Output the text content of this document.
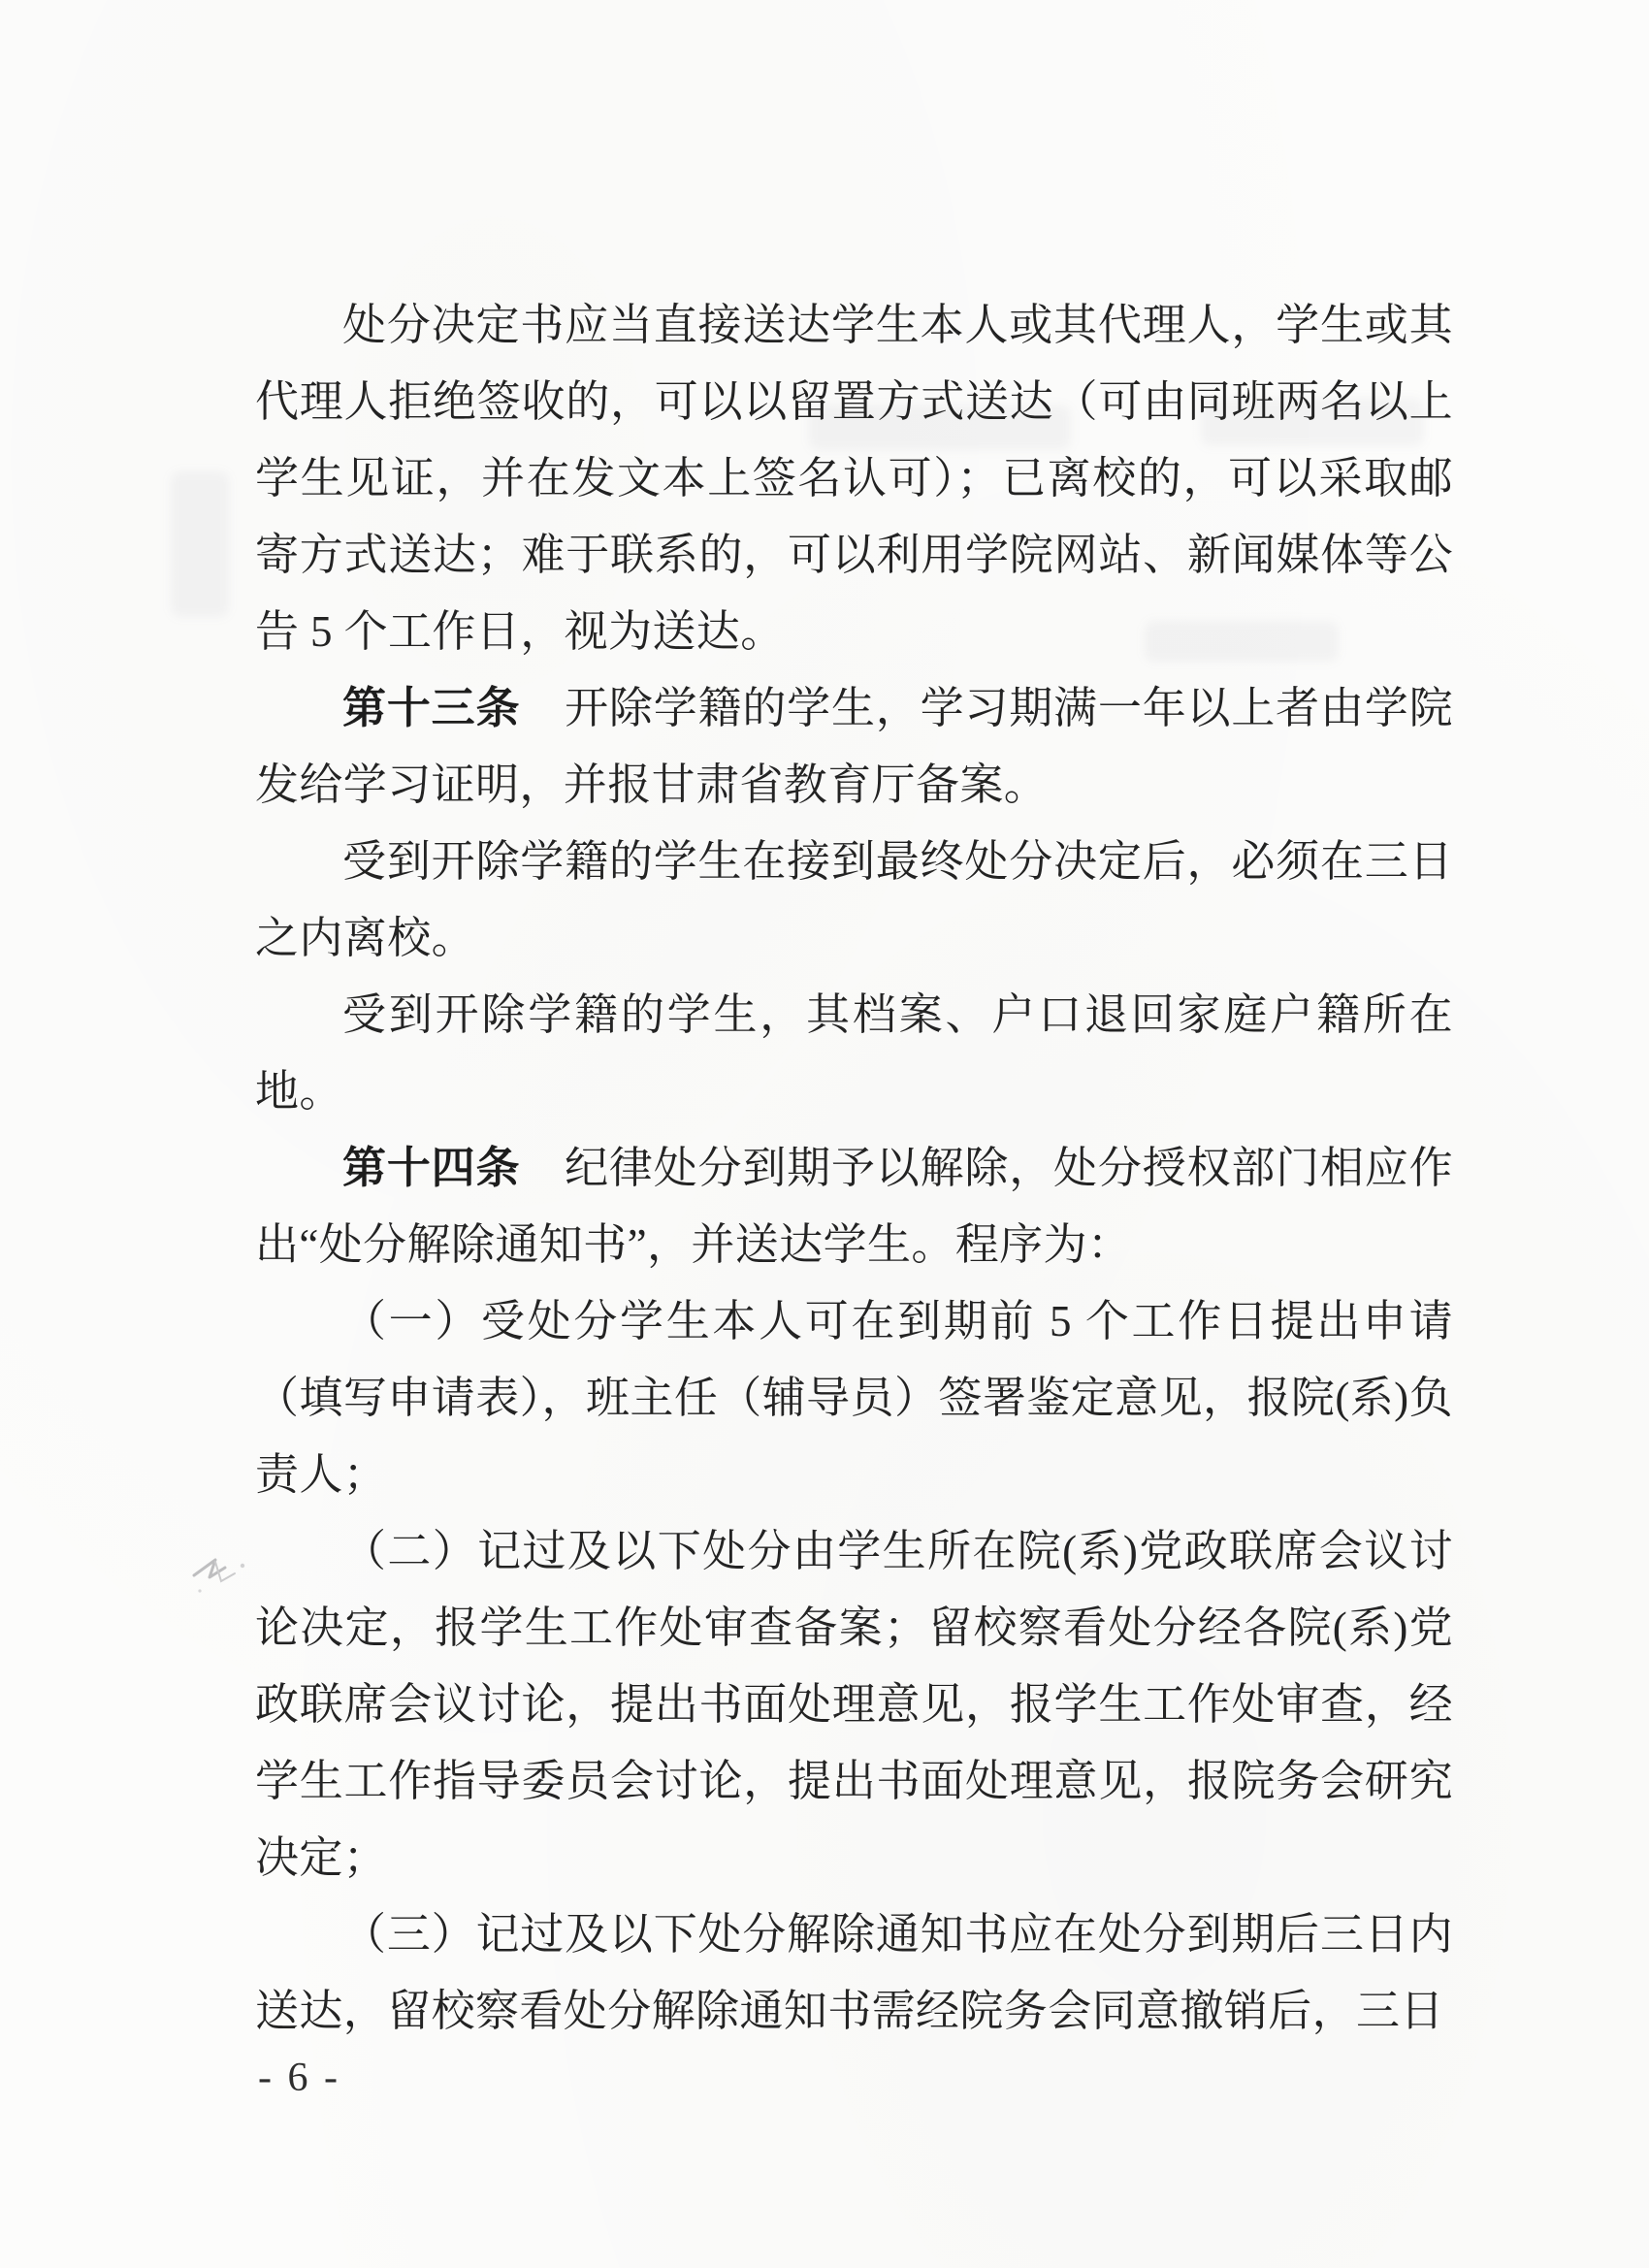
处分决定书应当直接送达学生本人或其代理人，学生或其代理人拒绝签收的，可以以留置方式送达（可由同班两名以上学生见证，并在发文本上签名认可）；已离校的，可以采取邮寄方式送达；难于联系的，可以利用学院网站、新闻媒体等公告 5 个工作日，视为送达。

第十三条　开除学籍的学生，学习期满一年以上者由学院发给学习证明，并报甘肃省教育厅备案。

受到开除学籍的学生在接到最终处分决定后，必须在三日之内离校。

受到开除学籍的学生，其档案、户口退回家庭户籍所在地。

第十四条　纪律处分到期予以解除，处分授权部门相应作出“处分解除通知书”，并送达学生。程序为：

（一）受处分学生本人可在到期前 5 个工作日提出申请（填写申请表），班主任（辅导员）签署鉴定意见，报院(系)负责人；

（二）记过及以下处分由学生所在院(系)党政联席会议讨论决定，报学生工作处审查备案；留校察看处分经各院(系)党政联席会议讨论，提出书面处理意见，报学生工作处审查，经学生工作指导委员会讨论，提出书面处理意见，报院务会研究决定；

（三）记过及以下处分解除通知书应在处分到期后三日内送达，留校察看处分解除通知书需经院务会同意撤销后，三日

- 6 -
